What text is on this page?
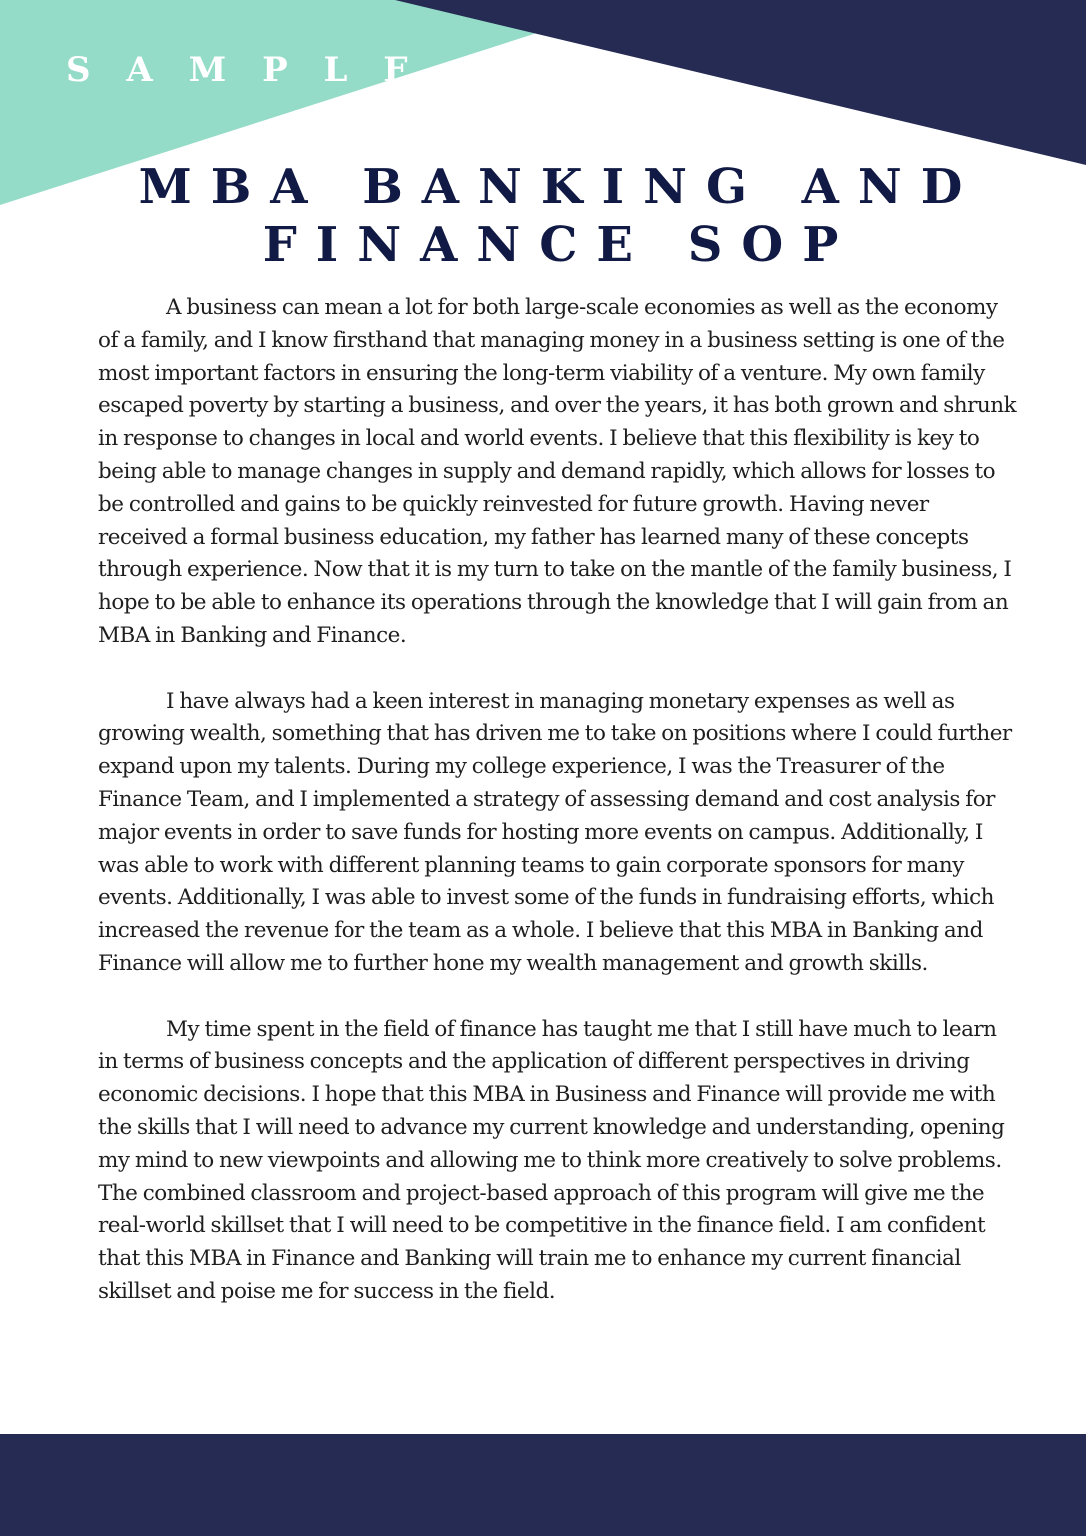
S A M P L E

MBA BANKING AND
FINANCE SOP

A business can mean a lot for both large-scale economies as well as the economy of a family, and I know firsthand that managing money in a business setting is one of the most important factors in ensuring the long-term viability of a venture. My own family escaped poverty by starting a business, and over the years, it has both grown and shrunk in response to changes in local and world events. I believe that this flexibility is key to being able to manage changes in supply and demand rapidly, which allows for losses to be controlled and gains to be quickly reinvested for future growth. Having never received a formal business education, my father has learned many of these concepts through experience. Now that it is my turn to take on the mantle of the family business, I hope to be able to enhance its operations through the knowledge that I will gain from an MBA in Banking and Finance.

I have always had a keen interest in managing monetary expenses as well as growing wealth, something that has driven me to take on positions where I could further expand upon my talents. During my college experience, I was the Treasurer of the Finance Team, and I implemented a strategy of assessing demand and cost analysis for major events in order to save funds for hosting more events on campus. Additionally, I was able to work with different planning teams to gain corporate sponsors for many events. Additionally, I was able to invest some of the funds in fundraising efforts, which increased the revenue for the team as a whole. I believe that this MBA in Banking and Finance will allow me to further hone my wealth management and growth skills.

My time spent in the field of finance has taught me that I still have much to learn in terms of business concepts and the application of different perspectives in driving economic decisions. I hope that this MBA in Business and Finance will provide me with the skills that I will need to advance my current knowledge and understanding, opening my mind to new viewpoints and allowing me to think more creatively to solve problems. The combined classroom and project-based approach of this program will give me the real-world skillset that I will need to be competitive in the finance field. I am confident that this MBA in Finance and Banking will train me to enhance my current financial skillset and poise me for success in the field.
